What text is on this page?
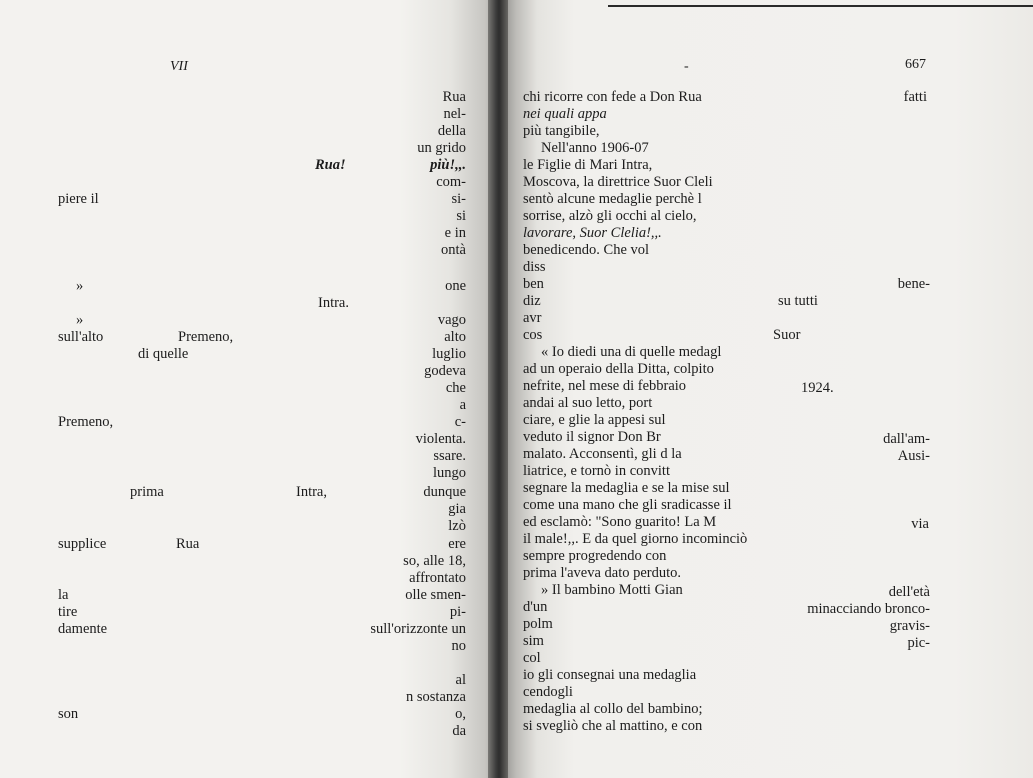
VII

Rua!

piere il

»

Intra.

»

sull'alto	Premeno,

di quelle

Premeno,

prima	Intra,

supplice	Rua

la

tire

damente

son

-	667

fatti

bene-

su tutti

Suor

1924.

dall'am-

Ausi-

via

dell'età

minacciando bronco-

gravis-

pic-

Rua

nel-

della

un grido

più!,,.

com-

si-

si

e in

ontà

one

vago

alto

luglio

godeva

che

a

c-

violenta.

ssare.

lungo

dunque

gia

lzò

ere

so, alle 18,

affrontato

olle smen-

pi-

sull'orizzonte un

no

al

n sostanza

o,

da

chi ricorre con fede a Don Rua

nei quali appa

più tangibile,

Nell'anno 1906-07

le Figlie di Mari Intra,

Moscova, la direttrice Suor Cleli

sentò alcune medaglie perchè l

sorrise, alzò gli occhi al cielo,

lavorare, Suor Clelia!,,.

benedicendo. Che vol

diss

ben

diz

avr

cos

« Io diedi una di quelle medagl

ad un operaio della Ditta, colpito

nefrite, nel mese di febbraio

andai al suo letto, port

ciare, e glie la appesi sul

veduto il signor Don Br

malato. Acconsentì, gli d la

liatrice, e tornò in convitt

segnare la medaglia e se la mise sul

come una mano che gli sradicasse il

ed esclamò: "Sono guarito! La M

il male!,,. E da quel giorno incominciò

sempre progredendo con

prima l'aveva dato perduto.

» Il bambino Motti Gian

d'un

polm

sim

col

io gli consegnai una medaglia

cendogli

medaglia al collo del bambino;

si svegliò che al mattino, e con
